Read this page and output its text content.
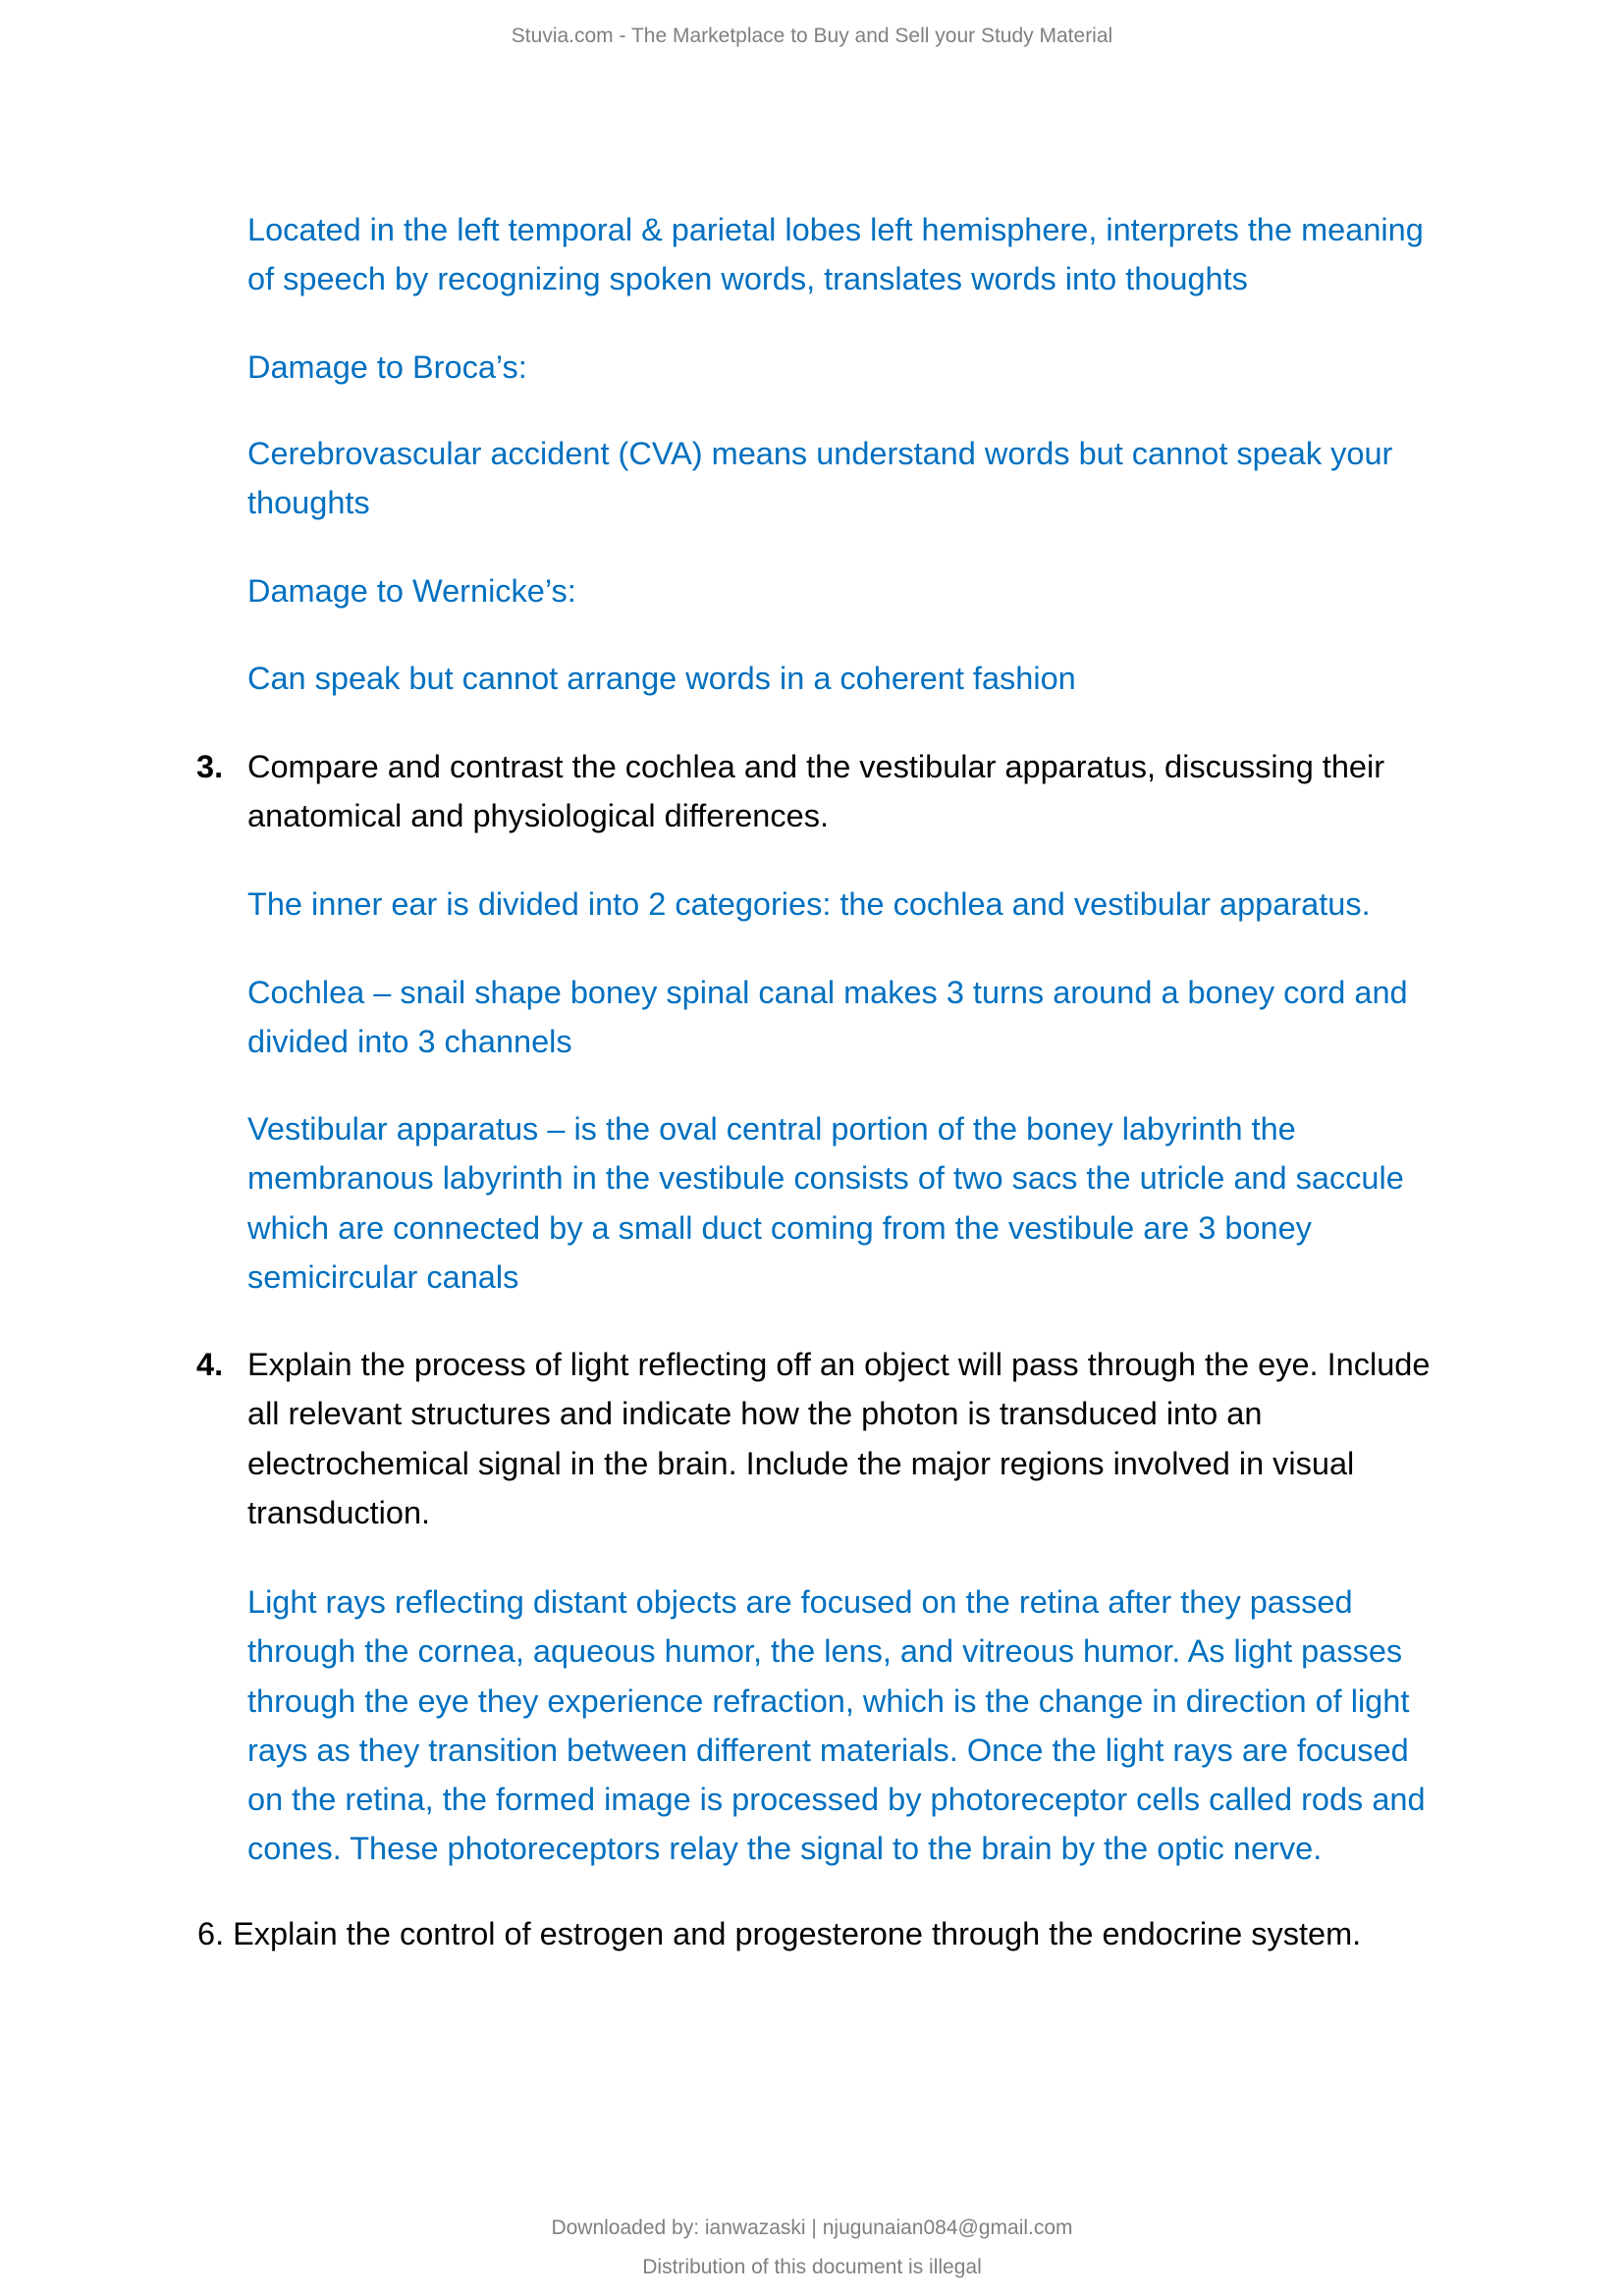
Stuvia.com - The Marketplace to Buy and Sell your Study Material
Located in the left temporal & parietal lobes left hemisphere, interprets the meaning
of speech by recognizing spoken words, translates words into thoughts
Damage to Broca’s:
Cerebrovascular accident (CVA) means understand words but cannot speak your
thoughts
Damage to Wernicke’s:
Can speak but cannot arrange words in a coherent fashion
3. Compare and contrast the cochlea and the vestibular apparatus, discussing their
anatomical and physiological differences.
The inner ear is divided into 2 categories: the cochlea and vestibular apparatus.
Cochlea – snail shape boney spinal canal makes 3 turns around a boney cord and
divided into 3 channels
Vestibular apparatus – is the oval central portion of the boney labyrinth the
membranous labyrinth in the vestibule consists of two sacs the utricle and saccule
which are connected by a small duct coming from the vestibule are 3 boney
semicircular canals
4. Explain the process of light reflecting off an object will pass through the eye. Include
all relevant structures and indicate how the photon is transduced into an
electrochemical signal in the brain. Include the major regions involved in visual
transduction.
Light rays reflecting distant objects are focused on the retina after they passed
through the cornea, aqueous humor, the lens, and vitreous humor. As light passes
through the eye they experience refraction, which is the change in direction of light
rays as they transition between different materials. Once the light rays are focused
on the retina, the formed image is processed by photoreceptor cells called rods and
cones. These photoreceptors relay the signal to the brain by the optic nerve.
6. Explain the control of estrogen and progesterone through the endocrine system.
Downloaded by: ianwazaski | njugunaian084@gmail.com
Distribution of this document is illegal
